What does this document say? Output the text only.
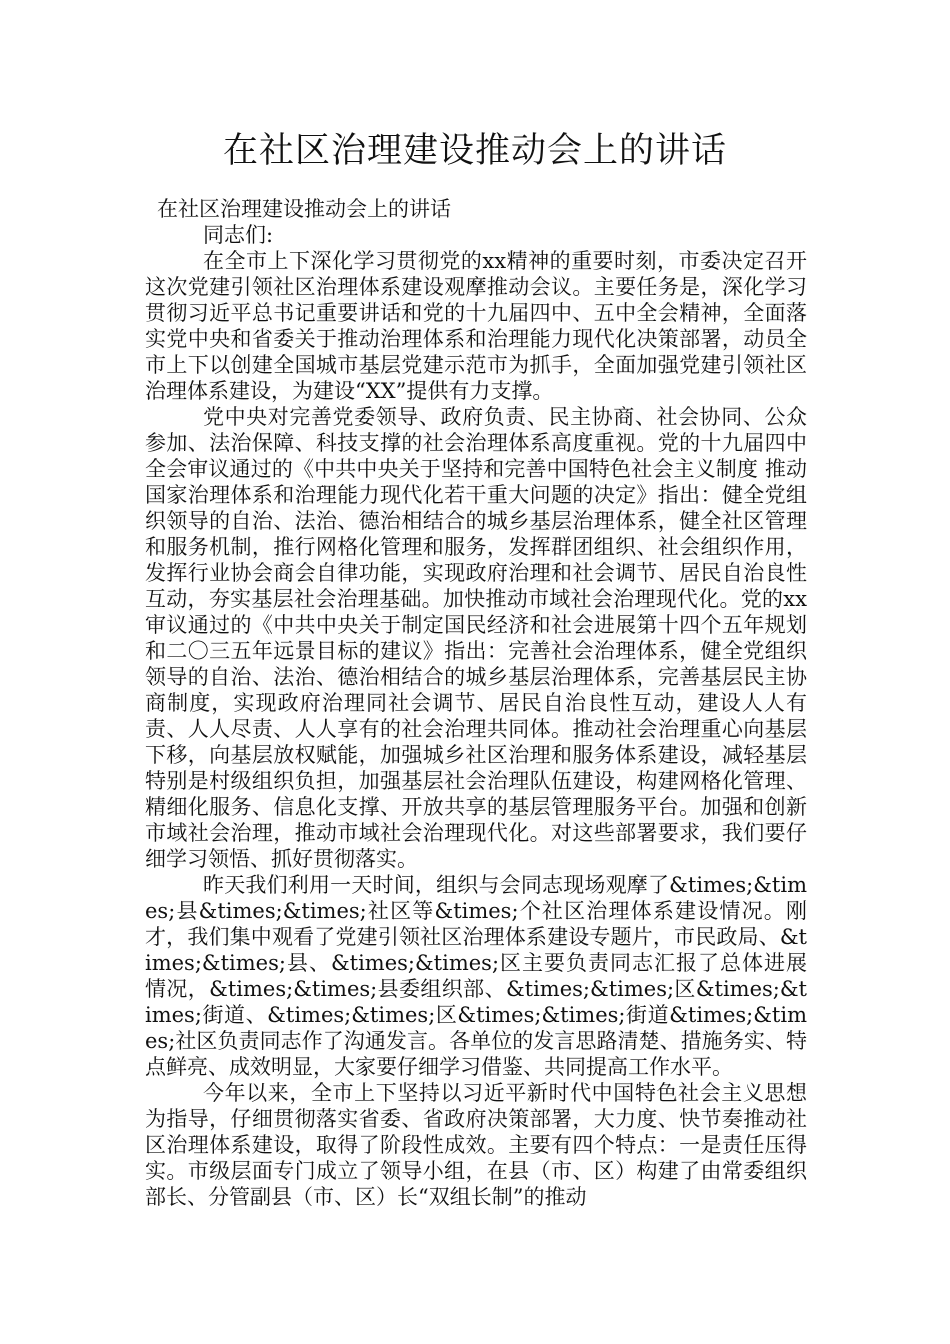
在社区治理建设推动会上的讲话

在社区治理建设推动会上的讲话

同志们:

在全市上下深化学习贯彻党的xx精神的重要时刻，市委决定召开这次党建引领社区治理体系建设观摩推动会议。主要任务是，深化学习贯彻习近平总书记重要讲话和党的十九届四中、五中全会精神，全面落实党中央和省委关于推动治理体系和治理能力现代化决策部署，动员全市上下以创建全国城市基层党建示范市为抓手，全面加强党建引领社区治理体系建设，为建设“XX”提供有力支撑。

党中央对完善党委领导、政府负责、民主协商、社会协同、公众参加、法治保障、科技支撑的社会治理体系高度重视。党的十九届四中全会审议通过的《中共中央关于坚持和完善中国特色社会主义制度 推动国家治理体系和治理能力现代化若干重大问题的决定》指出：健全党组织领导的自治、法治、德治相结合的城乡基层治理体系，健全社区管理和服务机制，推行网格化管理和服务，发挥群团组织、社会组织作用，发挥行业协会商会自律功能，实现政府治理和社会调节、居民自治良性互动，夯实基层社会治理基础。加快推动市域社会治理现代化。党的xx审议通过的《中共中央关于制定国民经济和社会进展第十四个五年规划和二〇三五年远景目标的建议》指出：完善社会治理体系，健全党组织领导的自治、法治、德治相结合的城乡基层治理体系，完善基层民主协商制度，实现政府治理同社会调节、居民自治良性互动，建设人人有责、人人尽责、人人享有的社会治理共同体。推动社会治理重心向基层下移，向基层放权赋能，加强城乡社区治理和服务体系建设，减轻基层特别是村级组织负担，加强基层社会治理队伍建设，构建网格化管理、精细化服务、信息化支撑、开放共享的基层管理服务平台。加强和创新市域社会治理，推动市域社会治理现代化。对这些部署要求，我们要仔细学习领悟、抓好贯彻落实。

昨天我们利用一天时间，组织与会同志现场观摩了&times;&times;县&times;&times;社区等&times;个社区治理体系建设情况。刚才，我们集中观看了党建引领社区治理体系建设专题片，市民政局、&times;&times;县、&times;&times;区主要负责同志汇报了总体进展情况，&times;&times;县委组织部、&times;&times;区&times;&times;街道、&times;&times;区&times;&times;街道&times;&times;社区负责同志作了沟通发言。各单位的发言思路清楚、措施务实、特点鲜亮、成效明显，大家要仔细学习借鉴、共同提高工作水平。

今年以来，全市上下坚持以习近平新时代中国特色社会主义思想为指导，仔细贯彻落实省委、省政府决策部署，大力度、快节奏推动社区治理体系建设，取得了阶段性成效。主要有四个特点：一是责任压得实。市级层面专门成立了领导小组，在县（市、区）构建了由常委组织部长、分管副县（市、区）长“双组长制”的推动
